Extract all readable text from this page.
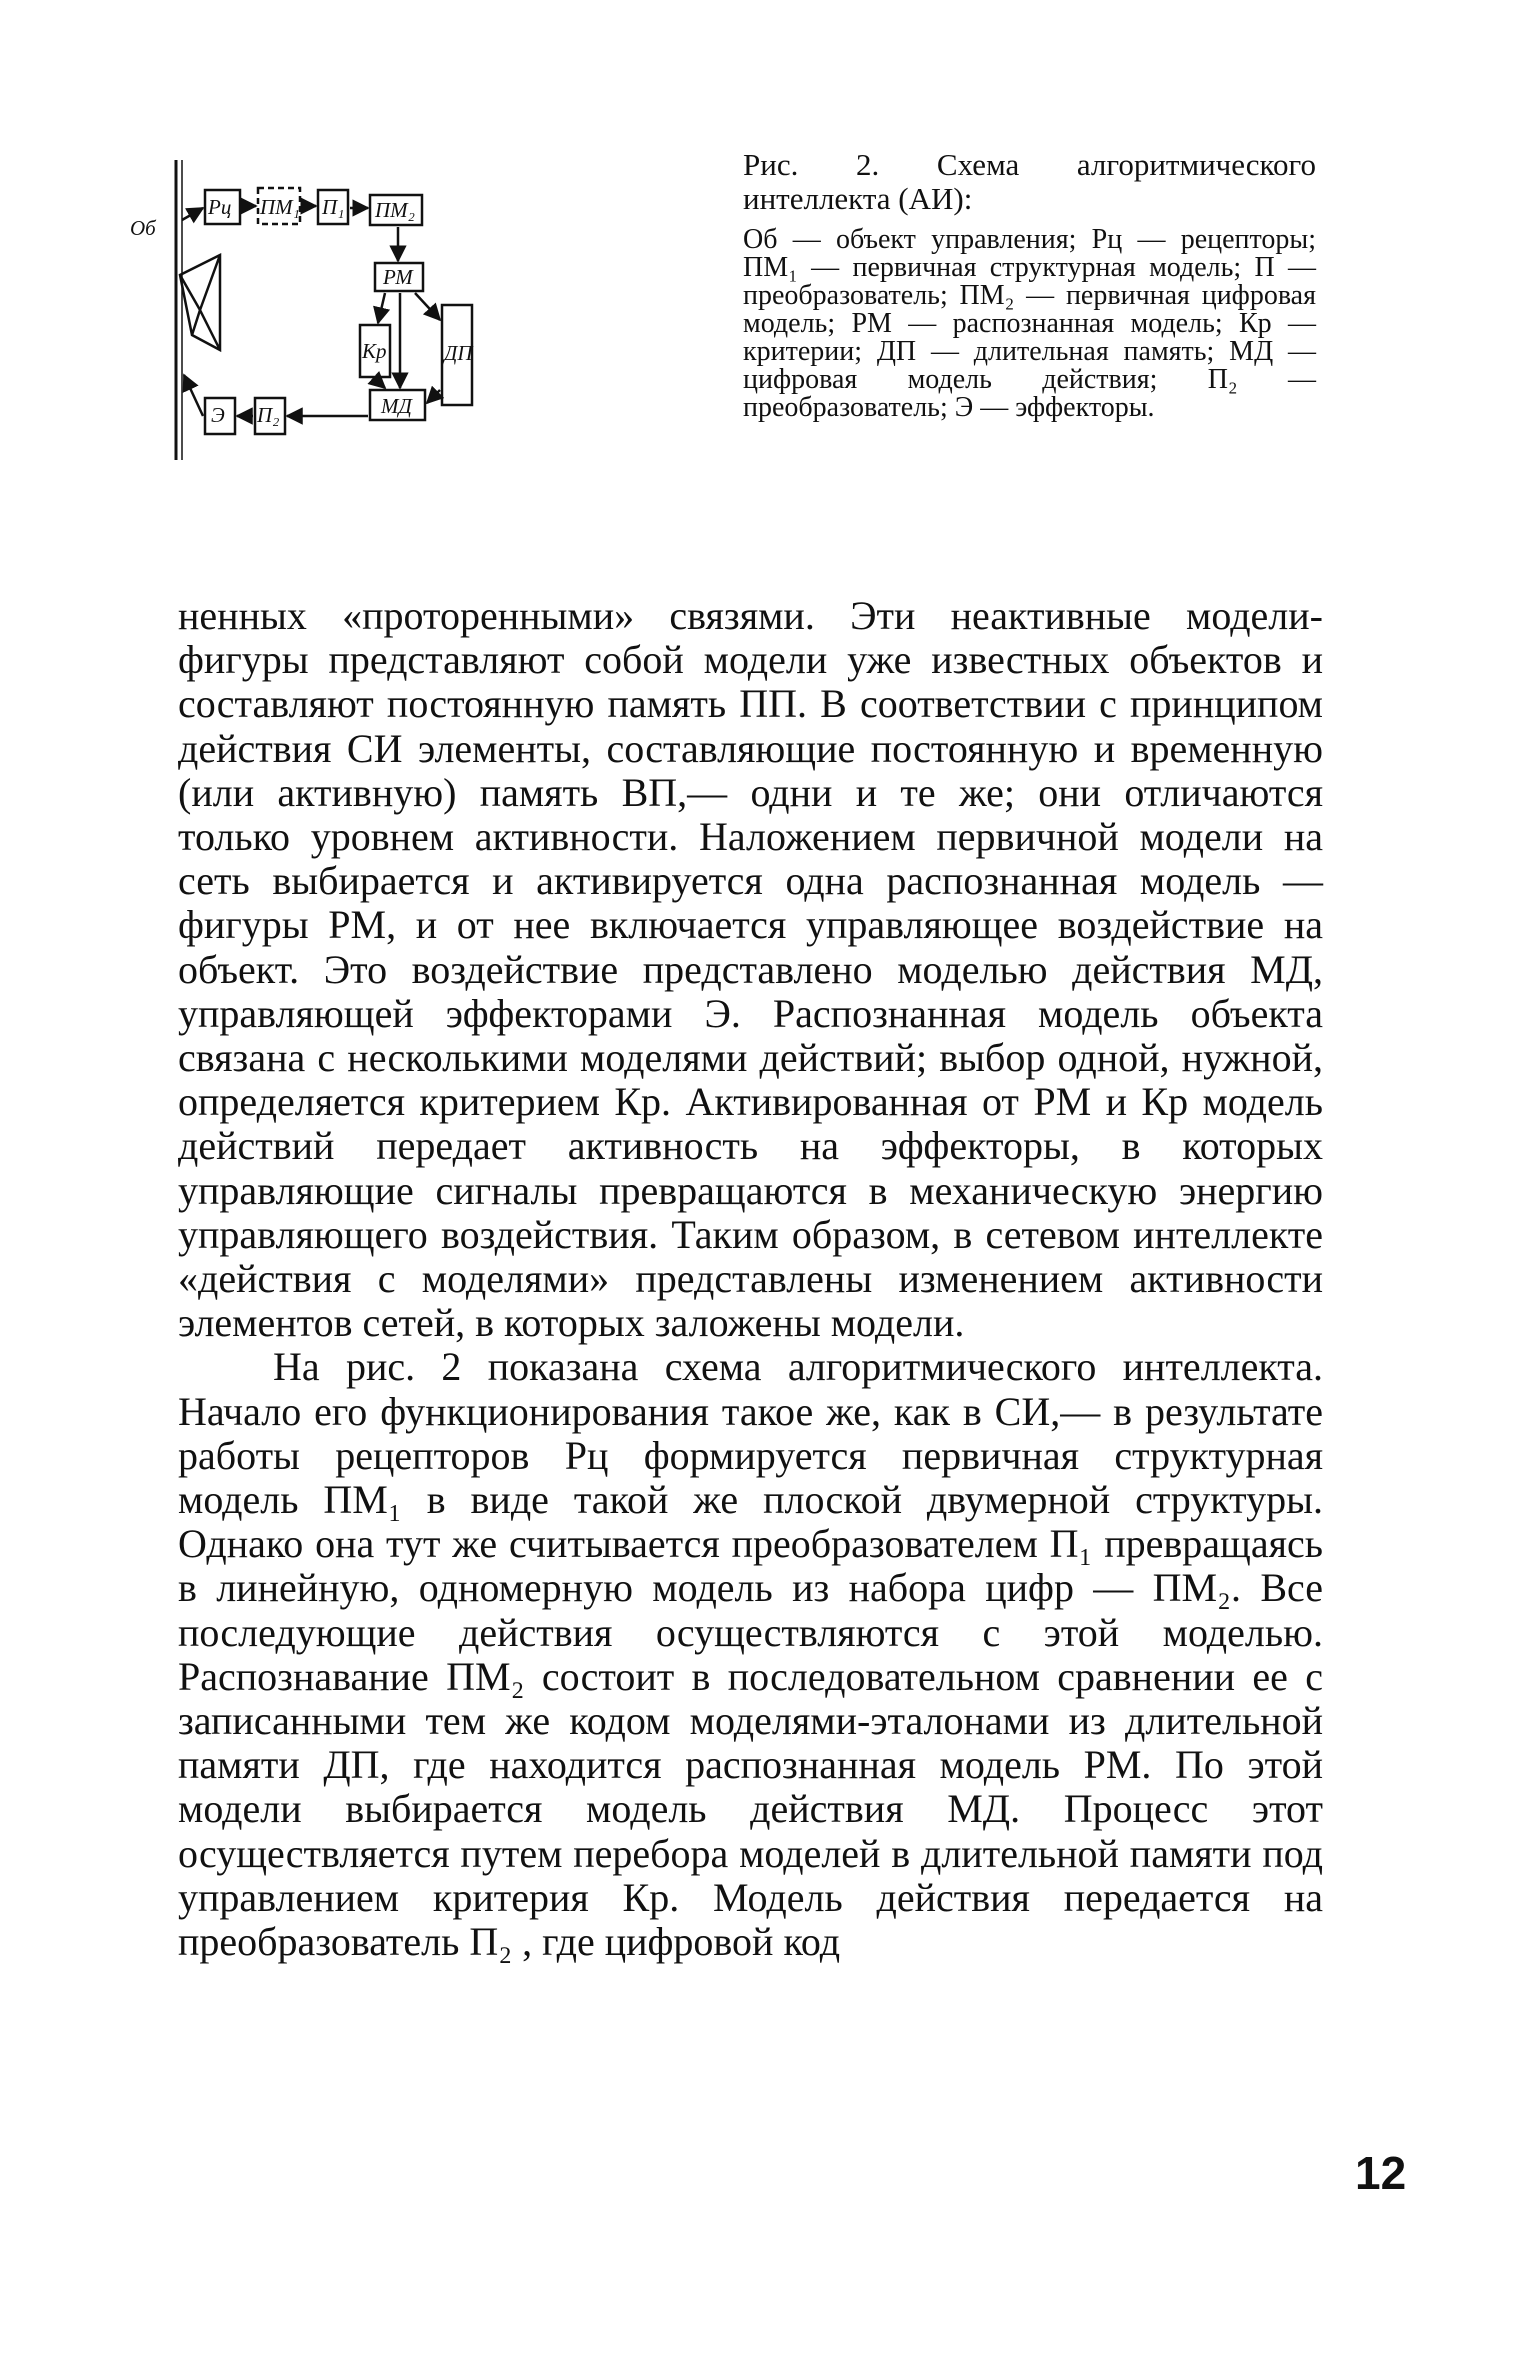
Об
Рц ПМ₁ П₁ ПМ₂
РМ
Кр	ДП
МД
Э П₂

Рис. 2. Схема алгоритмического интеллекта (АИ):

Об — объект управления; Рц — рецепторы; ПМ₁ — первичная структурная модель; П — преобразователь; ПМ₂ — первичная цифровая модель; РМ — распознанная модель; Кр — критерии; ДП — длительная память; МД — цифровая модель действия; П₂ — преобразователь; Э — эффекторы.

ненных «проторенными» связями. Эти неактивные модели-фигуры представляют собой модели уже известных объектов и составляют постоянную память ПП. В соответствии с принципом действия СИ элементы, составляющие постоянную и временную (или активную) память ВП,— одни и те же; они отличаются только уровнем активности. Наложением первичной модели на сеть выбирается и активируется одна распознанная модель — фигуры РМ, и от нее включается управляющее воздействие на объект. Это воздействие представлено моделью действия МД, управляющей эффекторами Э. Распознанная модель объекта связана с несколькими моделями действий; выбор одной, нужной, определяется критерием Кр. Активированная от РМ и Кр модель действий передает активность на эффекторы, в которых управляющие сигналы превращаются в механическую энергию управляющего воздействия. Таким образом, в сетевом интеллекте «действия с моделями» представлены изменением активности элементов сетей, в которых заложены модели.

На рис. 2 показана схема алгоритмического интеллекта. Начало его функционирования такое же, как в СИ,— в результате работы рецепторов Рц формируется первичная структурная модель ПМ₁ в виде такой же плоской двумерной структуры. Однако она тут же считывается преобразователем П₁ превращаясь в линейную, одномерную модель из набора цифр — ПМ₂. Все последующие действия осуществляются с этой моделью. Распознавание ПМ₂ состоит в последовательном сравнении ее с записанными тем же кодом моделями-эталонами из длительной памяти ДП, где находится распознанная модель РМ. По этой модели выбирается модель действия МД. Процесс этот осуществляется путем перебора моделей в длительной памяти под управлением критерия Кр. Модель действия передается на преобразователь П₂ , где цифровой код

12
